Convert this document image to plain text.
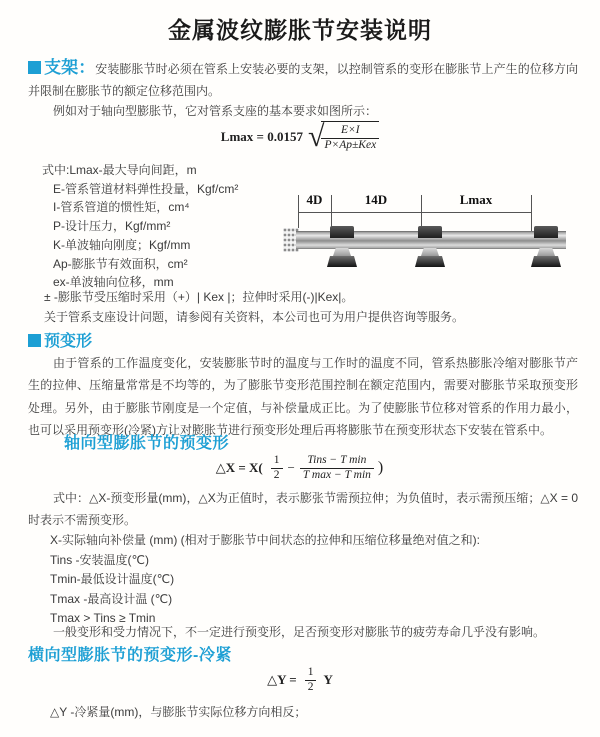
金属波纹膨胀节安装说明
支架：安装膨胀节时必须在管系上安装必要的支架，以控制管系的变形在膨胀节上产生的位移方向并限制在膨胀节的额定位移范围内。
例如对于轴向型膨胀节，它对管系支座的基本要求如图所示：
Lmax = 0.0157 √
$\frac{E\times I}{\text{P×Ap±Kex}}$
式中:Lmax-最大导向间距，m
E-管系管道材料弹性投量，Kgf/cm²
I-管系管道的惯性矩，cm⁴
P-设计压力，Kgf/mm²
K-单波轴向刚度；Kgf/mm
Ap-膨胀节有效面积，cm²
ex-单波轴向位移，mm
± -膨胀节受压缩时采用（+）| Kex |；拉伸时采用(-)|Kex|。
关于管系支座设计问题，请参阅有关资料，本公司也可为用户提供咨询等服务。
4D	14D	Lmax
预变形
由于管系的工作温度变化，安装膨胀节时的温度与工作时的温度不同，管系热膨胀冷缩对膨胀节产生的拉伸、压缩量常常是不均等的，为了膨胀节变形范围控制在额定范围内，需要对膨胀节采取预变形处理。另外，由于膨胀节刚度是一个定值，与补偿量成正比。为了使膨胀节位移对管系的作用力最小，也可以采用预变形(冷紧)方让对膨胀节进行预变形处理后再将膨胀节在预变形状态下安装在管系中。
轴向型膨胀节的预变形
△X = $X( \frac{1}{2} - \frac{\text{Tins − T min}}{\text{T max − T min}}$ )
式中：△X-预变形量(mm)，△X为正值时，表示膨张节需预拉伸；为负值时，表示需预压缩；△X = 0时表示不需预变形。
X-实际轴向补偿量 (mm) (相对于膨胀节中间状态的拉伸和压缩位移量绝对值之和):
Tins -安装温度(℃)
Tmin-最低设计温度(℃)
Tmax -最高设计温 (℃)
Tmax > Tins ≥ Tmin
一般变形和受力情况下，不一定进行预变形，足否预变形对膨胀节的疲劳寿命几乎没有影响。
横向型膨胀节的预变形-冷紧
△Y = $\frac{1}{2}$ Y
△Y -冷紧量(mm)，与膨胀节实际位移方向相反；
